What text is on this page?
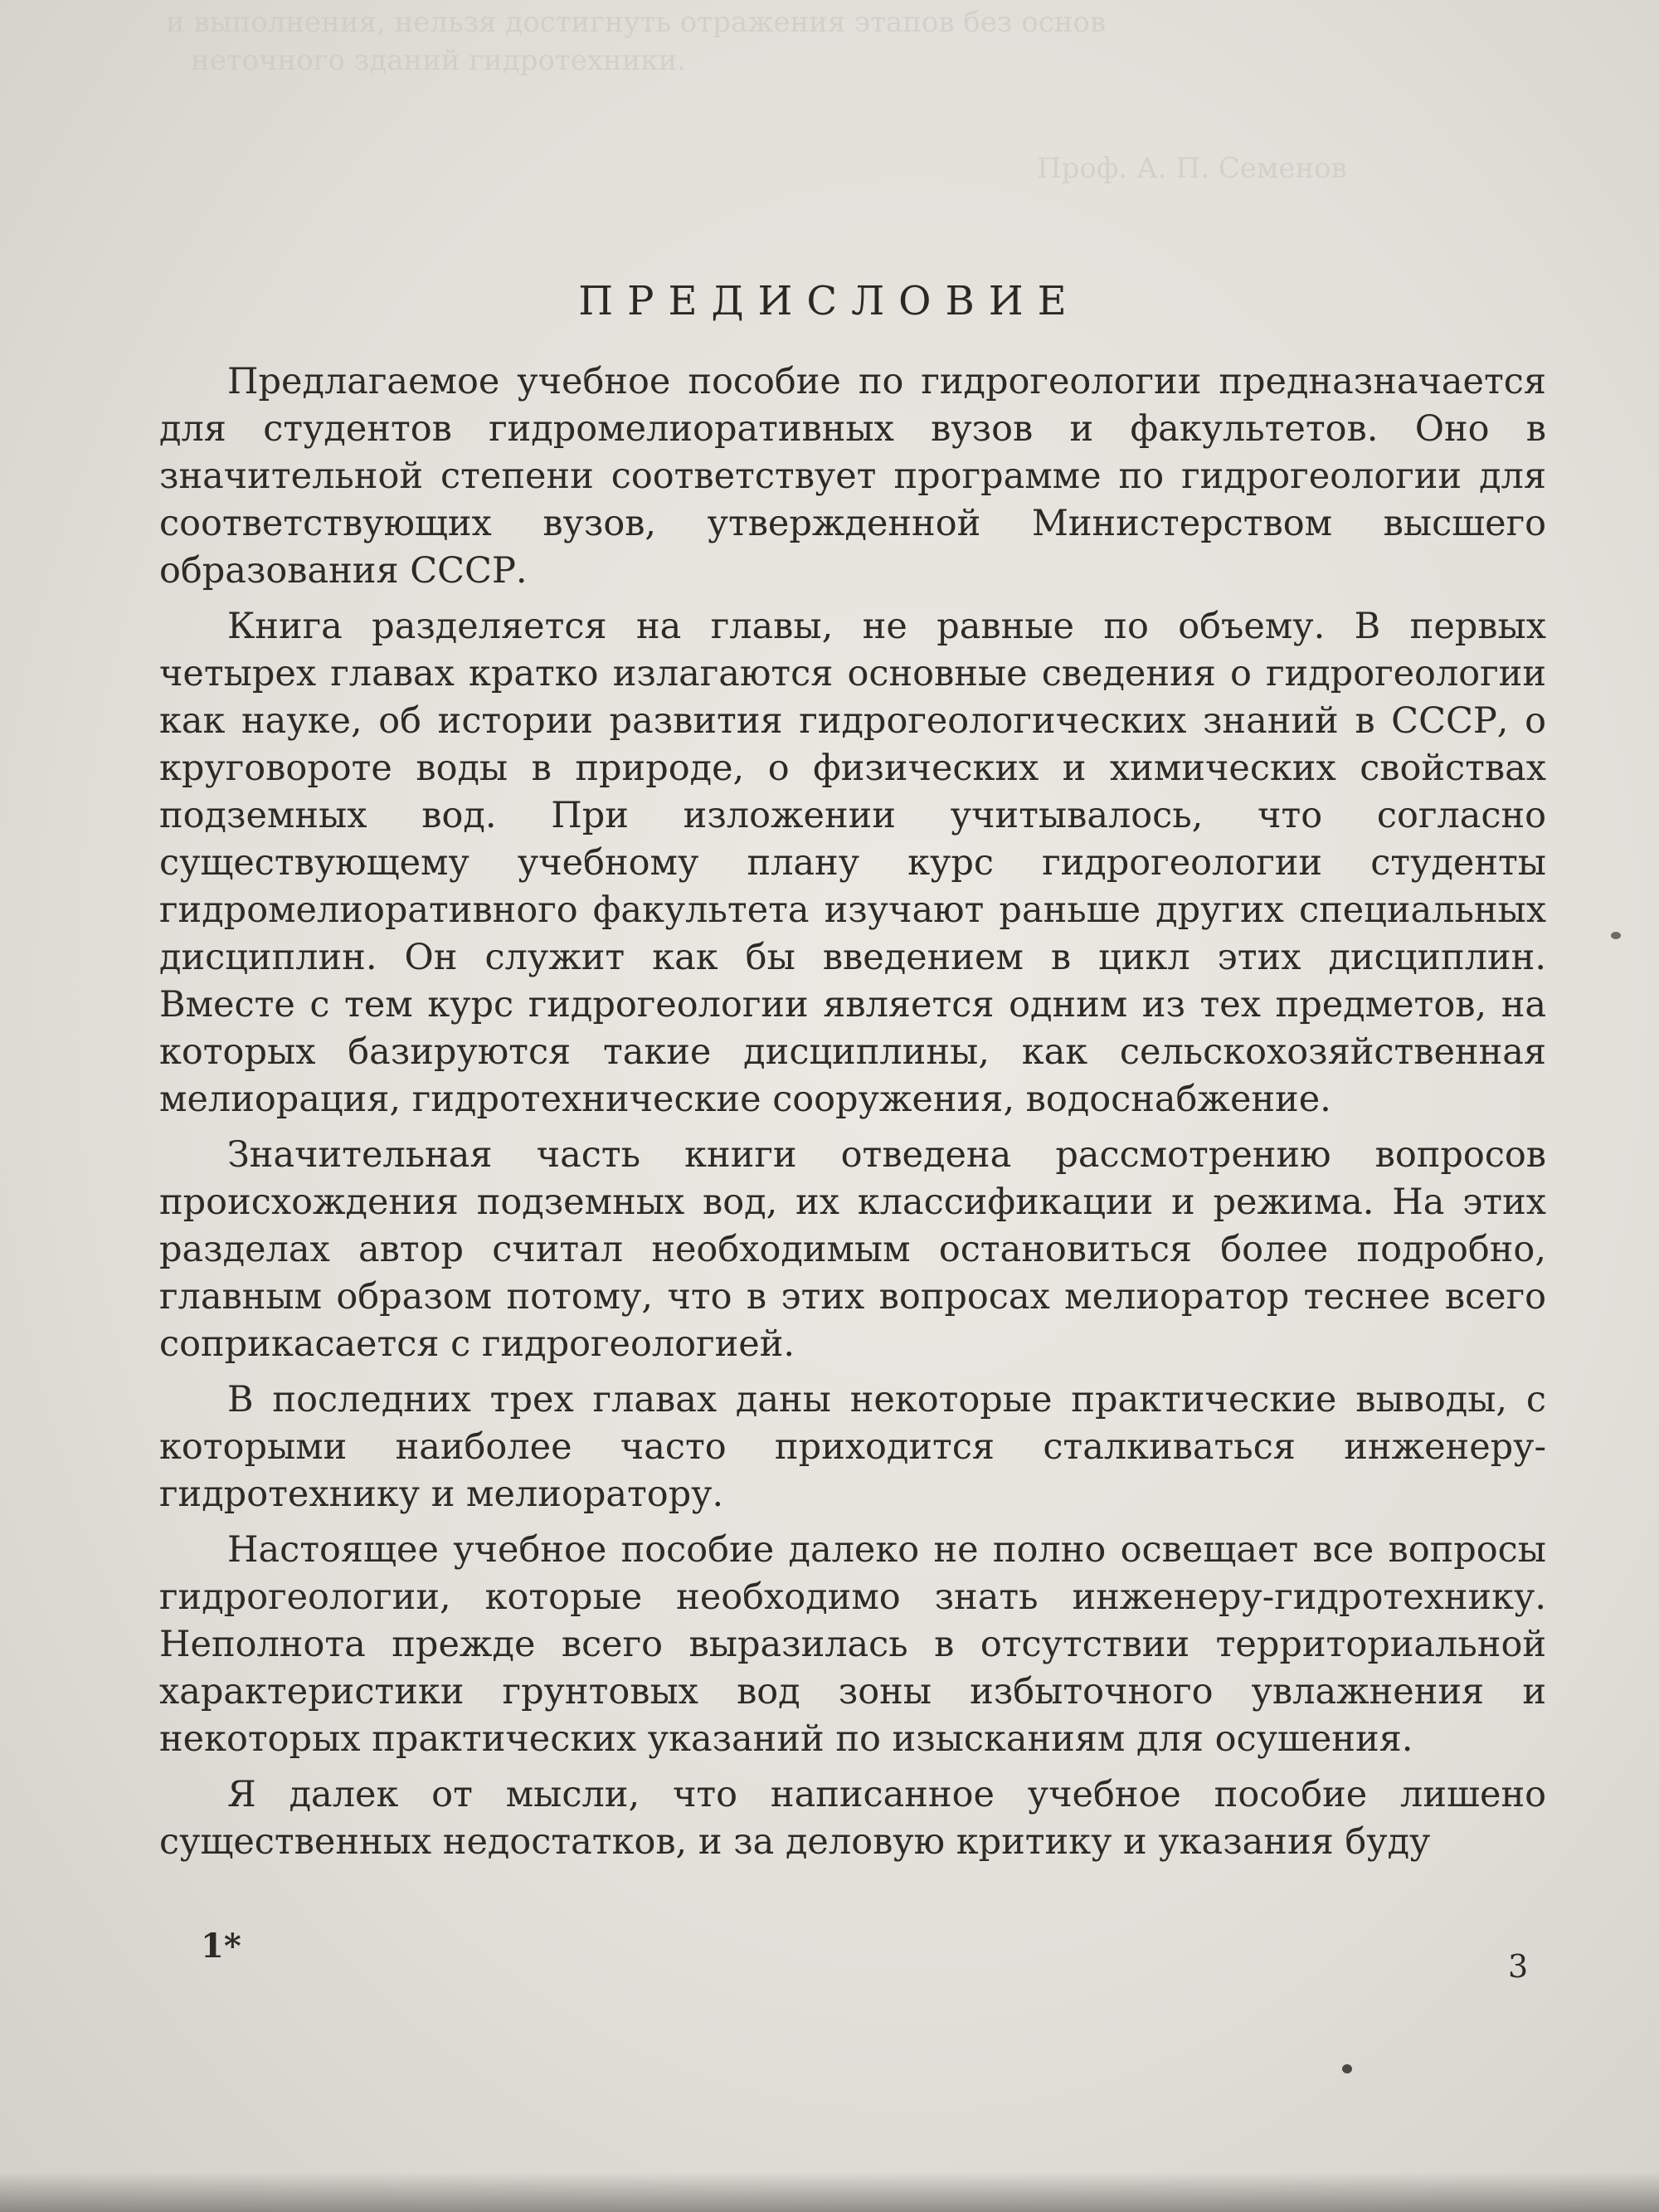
и выполнения, нельзя достигнуть отражения этапов без основ

неточного зданий гидротехники.

Проф. А. П. Семенов

ПРЕДИСЛОВИЕ

Предлагаемое учебное пособие по гидрогеологии предназначается для студентов гидромелиоративных вузов и факультетов. Оно в значительной степени соответствует программе по гидрогеологии для соответствующих вузов, утвержденной Министерством высшего образования СССР.

Книга разделяется на главы, не равные по объему. В первых четырех главах кратко излагаются основные сведения о гидрогеологии как науке, об истории развития гидрогеологических знаний в СССР, о круговороте воды в природе, о физических и химических свойствах подземных вод. При изложении учитывалось, что согласно существующему учебному плану курс гидрогеологии студенты гидромелиоративного факультета изучают раньше других специальных дисциплин. Он служит как бы введением в цикл этих дисциплин. Вместе с тем курс гидрогеологии является одним из тех предметов, на которых базируются такие дисциплины, как сельскохозяйственная мелиорация, гидротехнические сооружения, водоснабжение.

Значительная часть книги отведена рассмотрению вопросов происхождения подземных вод, их классификации и режима. На этих разделах автор считал необходимым остановиться более подробно, главным образом потому, что в этих вопросах мелиоратор теснее всего соприкасается с гидрогеологией.

В последних трех главах даны некоторые практические выводы, с которыми наиболее часто приходится сталкиваться инженеру-гидротехнику и мелиоратору.

Настоящее учебное пособие далеко не полно освещает все вопросы гидрогеологии, которые необходимо знать инженеру-гидротехнику. Неполнота прежде всего выразилась в отсутствии территориальной характеристики грунтовых вод зоны избыточного увлажнения и некоторых практических указаний по изысканиям для осушения.

Я далек от мысли, что написанное учебное пособие лишено существенных недостатков, и за деловую критику и указания буду

1*

3
